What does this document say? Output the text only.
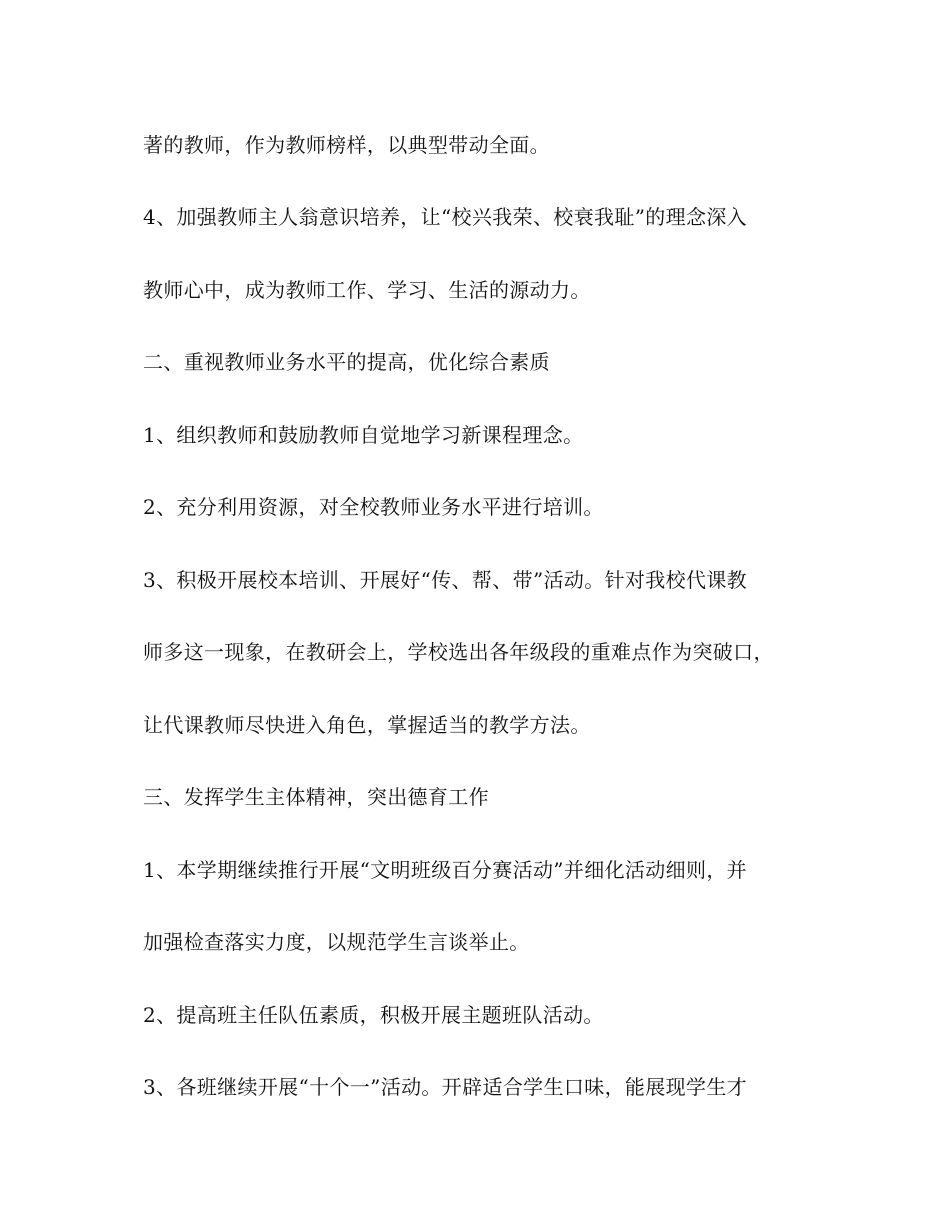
著的教师，作为教师榜样，以典型带动全面。
4、加强教师主人翁意识培养，让“校兴我荣、校衰我耻”的理念深入
教师心中，成为教师工作、学习、生活的源动力。
二、重视教师业务水平的提高，优化综合素质
1、组织教师和鼓励教师自觉地学习新课程理念。
2、充分利用资源，对全校教师业务水平进行培训。
3、积极开展校本培训、开展好“传、帮、带”活动。针对我校代课教
师多这一现象，在教研会上，学校选出各年级段的重难点作为突破口，
让代课教师尽快进入角色，掌握适当的教学方法。
三、发挥学生主体精神，突出德育工作
1、本学期继续推行开展“文明班级百分赛活动”并细化活动细则，并
加强检查落实力度，以规范学生言谈举止。
2、提高班主任队伍素质，积极开展主题班队活动。
3、各班继续开展“十个一”活动。开辟适合学生口味，能展现学生才
